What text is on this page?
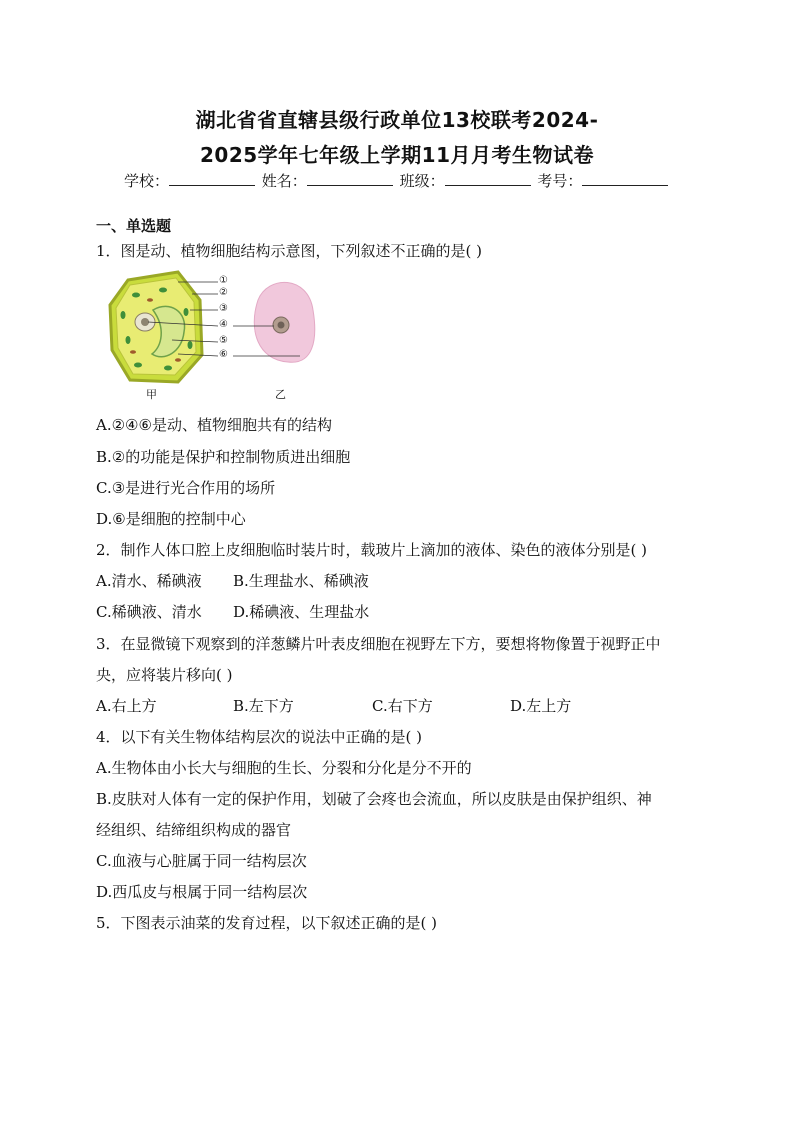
湖北省省直辖县级行政单位13校联考2024-
2025学年七年级上学期11月月考生物试卷
学校：	姓名：	班级：	考号：
一、单选题
1．图是动、植物细胞结构示意图，下列叙述不正确的是( )
①
②
③
④
⑤
⑥
甲	乙
A.②④⑥是动、植物细胞共有的结构
B.②的功能是保护和控制物质进出细胞
C.③是进行光合作用的场所
D.⑥是细胞的控制中心
2．制作人体口腔上皮细胞临时装片时，载玻片上滴加的液体、染色的液体分别是( )
A.清水、稀碘液 B.生理盐水、稀碘液
C.稀碘液、清水 D.稀碘液、生理盐水
3．在显微镜下观察到的洋葱鳞片叶表皮细胞在视野左下方，要想将物像置于视野正中
央，应将装片移向( )
A.右上方	B.左下方	C.右下方	D.左上方
4．以下有关生物体结构层次的说法中正确的是( )
A.生物体由小长大与细胞的生长、分裂和分化是分不开的
B.皮肤对人体有一定的保护作用，划破了会疼也会流血，所以皮肤是由保护组织、神
经组织、结缔组织构成的器官
C.血液与心脏属于同一结构层次
D.西瓜皮与根属于同一结构层次
5．下图表示油菜的发育过程，以下叙述正确的是( )
